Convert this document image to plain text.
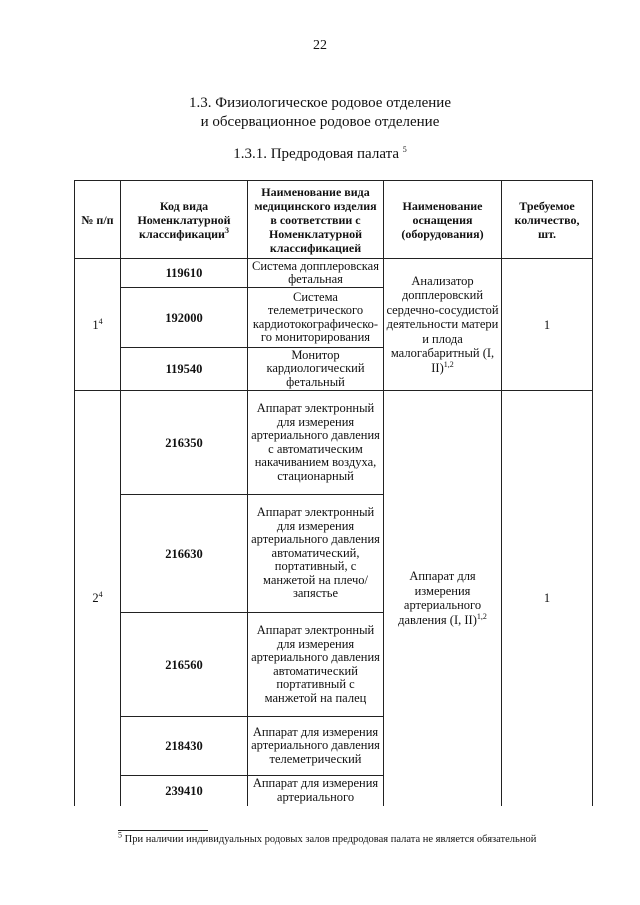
22
1.3. Физиологическое родовое отделение
и обсервационное родовое отделение
1.3.1. Предродовая палата $^5$
№ п/п	Код вида Номенклатурной классификации$^3$	Наименование вида медицинского изделия в соответствии с Номенклатурной классификацией	Наименование оснащения (оборудования)	Требуемое количество, шт.
$1^4$	119610	Система допплеровская фетальная	Анализатор допплеровский сердечно-сосудистой деятельности матери и плода малогабаритный (I, II)$^{1,2}$	1
	192000	Система телеметрического кардиотокографическо-го мониторирования		
	119540	Монитор кардиологический фетальный		
$2^4$	216350	Аппарат электронный для измерения артериального давления с автоматическим накачиванием воздуха, стационарный	Аппарат для измерения артериального давления (I, II)$^{1,2}$	1
	216630	Аппарат электронный для измерения артериального давления автоматический, портативный, с манжетой на плечо/запястье		
	216560	Аппарат электронный для измерения артериального давления автоматический портативный с манжетой на палец		
	218430	Аппарат для измерения артериального давления телеметрический		
	239410	Аппарат для измерения артериального		
$^5$ При наличии индивидуальных родовых залов предродовая палата не является обязательной
